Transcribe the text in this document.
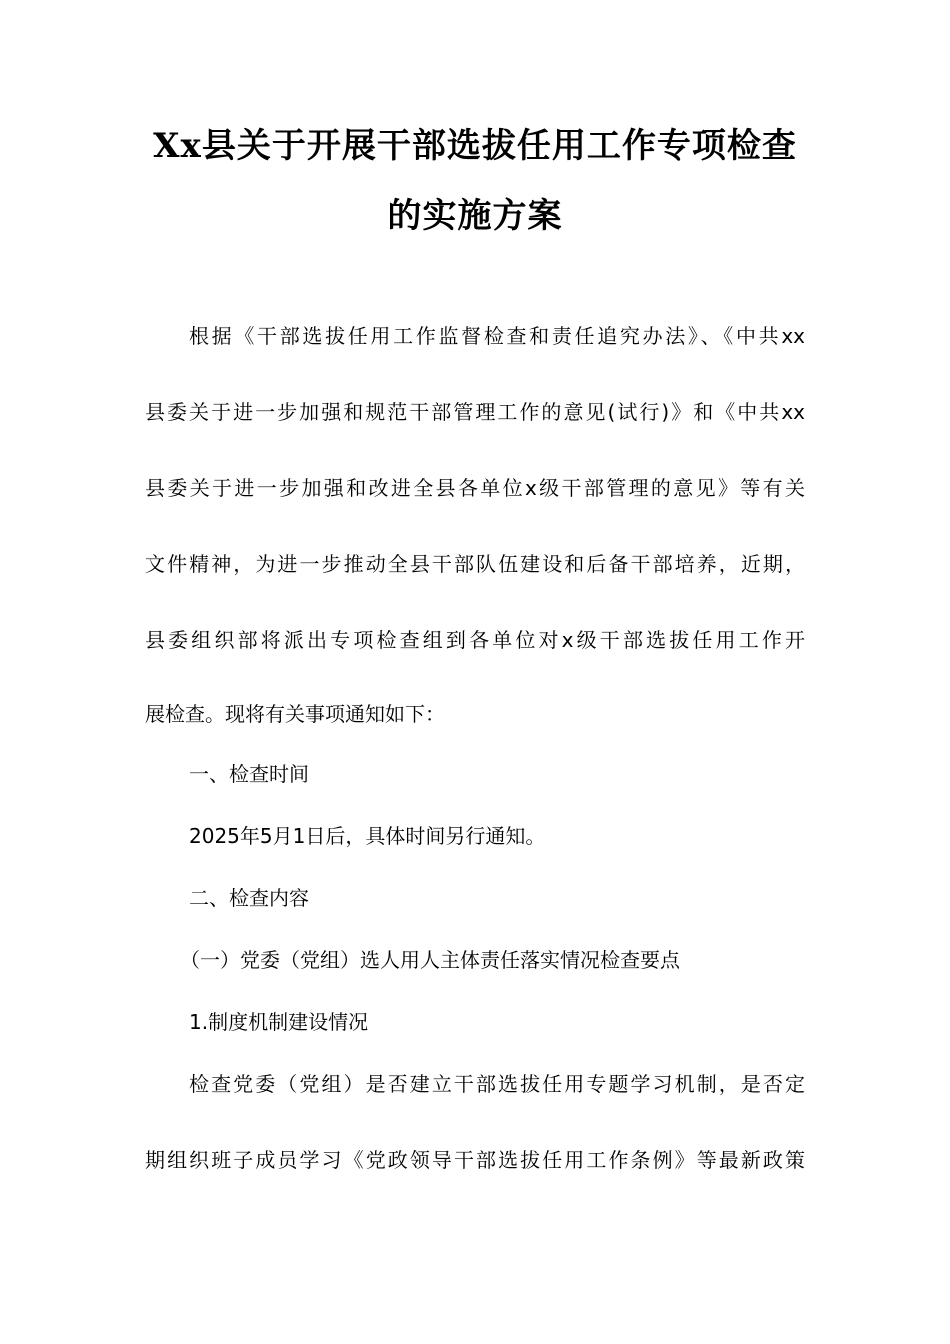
Xx县关于开展干部选拔任用工作专项检查
的实施方案
根据《干部选拔任用工作监督检查和责任追究办法》、《中共xx
县委关于进一步加强和规范干部管理工作的意见(试行)》和《中共xx
县委关于进一步加强和改进全县各单位x级干部管理的意见》等有关
文件精神，为进一步推动全县干部队伍建设和后备干部培养，近期，
县委组织部将派出专项检查组到各单位对x级干部选拔任用工作开
展检查。现将有关事项通知如下：
一、检查时间
2025年5月1日后，具体时间另行通知。
二、检查内容
（一）党委（党组）选人用人主体责任落实情况检查要点
1.制度机制建设情况
检查党委（党组）是否建立干部选拔任用专题学习机制，是否定
期组织班子成员学习《党政领导干部选拔任用工作条例》等最新政策
